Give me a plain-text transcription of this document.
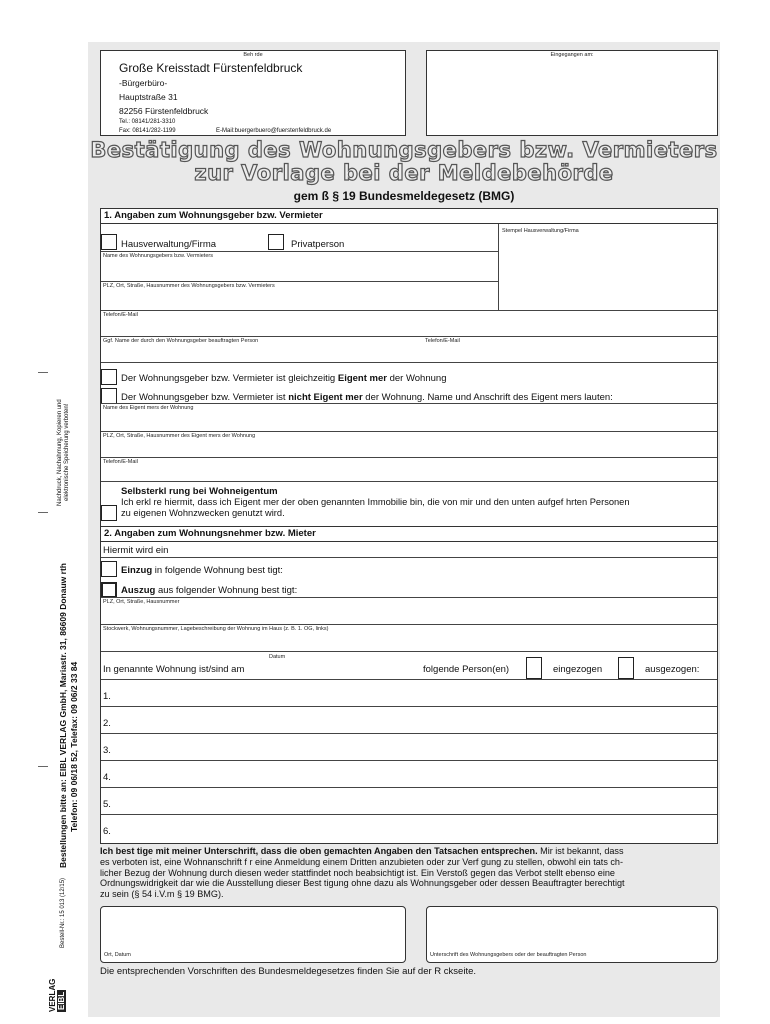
Nachdruck, Nachahmung, Kopieren und elektronische Speicherung verboten!
Bestellungen bitte an: EIBL VERLAG GmbH, Mariastr. 31, 86609 Donauw rth Telefon: 09 06/18 52, Telefax: 09 06/2 33 84
Bestell-Nr.: 15 013 (12/15)
VERLAG EIBL
Beh rde
Große Kreisstadt Fürstenfeldbruck
-Bürgerbüro-
Hauptstraße 31
82256 Fürstenfeldbruck
Tel.: 08141/281-3310
Fax: 08141/282-1199	E-Mail:buergerbuero@fuerstenfeldbruck.de
Eingegangen am:
Bestätigung des Wohnungsgebers bzw. Vermieters
zur Vorlage bei der Meldebehörde
gem ß § 19 Bundesmeldegesetz (BMG)
1. Angaben zum Wohnungsgeber bzw. Vermieter
Stempel Hausverwaltung/Firma
Hausverwaltung/Firma	Privatperson
Name des Wohnungsgebers bzw. Vermieters
PLZ, Ort, Straße, Hausnummer des Wohnungsgebers bzw. Vermieters
Telefon/E-Mail
Ggf. Name der durch den Wohnungsgeber beauftragten Person	Telefon/E-Mail
Der Wohnungsgeber bzw. Vermieter ist gleichzeitig Eigent mer der Wohnung
Der Wohnungsgeber bzw. Vermieter ist nicht Eigent mer der Wohnung. Name und Anschrift des Eigent mers lauten:
Name des Eigent mers der Wohnung
PLZ, Ort, Straße, Hausnummer des Eigent mers der Wohnung
Telefon/E-Mail
Selbsterkl rung bei Wohneigentum
Ich erkl re hiermit, dass ich Eigent mer der oben genannten Immobilie bin, die von mir und den unten aufgef hrten Personen
zu eigenen Wohnzwecken genutzt wird.
2. Angaben zum Wohnungsnehmer bzw. Mieter
Hiermit wird ein
Einzug in folgende Wohnung best tigt:
Auszug aus folgender Wohnung best tigt:
PLZ, Ort, Straße, Hausnummer
Stockwerk, Wohnungsnummer, Lagebeschreibung der Wohnung im Haus (z. B. 1. OG, links)
Datum
In genannte Wohnung ist/sind am	folgende Person(en)	eingezogen	ausgezogen:
1.
2.
3.
4.
5.
6.
Ich best tige mit meiner Unterschrift, dass die oben gemachten Angaben den Tatsachen entsprechen. Mir ist bekannt, dass
es verboten ist, eine Wohnanschrift f r eine Anmeldung einem Dritten anzubieten oder zur Verf gung zu stellen, obwohl ein tats ch-
licher Bezug der Wohnung durch diesen weder stattfindet noch beabsichtigt ist. Ein Verstoß gegen das Verbot stellt ebenso eine
Ordnungswidrigkeit dar wie die Ausstellung dieser Best tigung ohne dazu als Wohnungsgeber oder dessen Beauftragter berechtigt
zu sein (§ 54 i.V.m § 19 BMG).
Ort, Datum	Unterschrift des Wohnungsgebers oder der beauftragten Person
Die entsprechenden Vorschriften des Bundesmeldegesetzes finden Sie auf der R ckseite.
